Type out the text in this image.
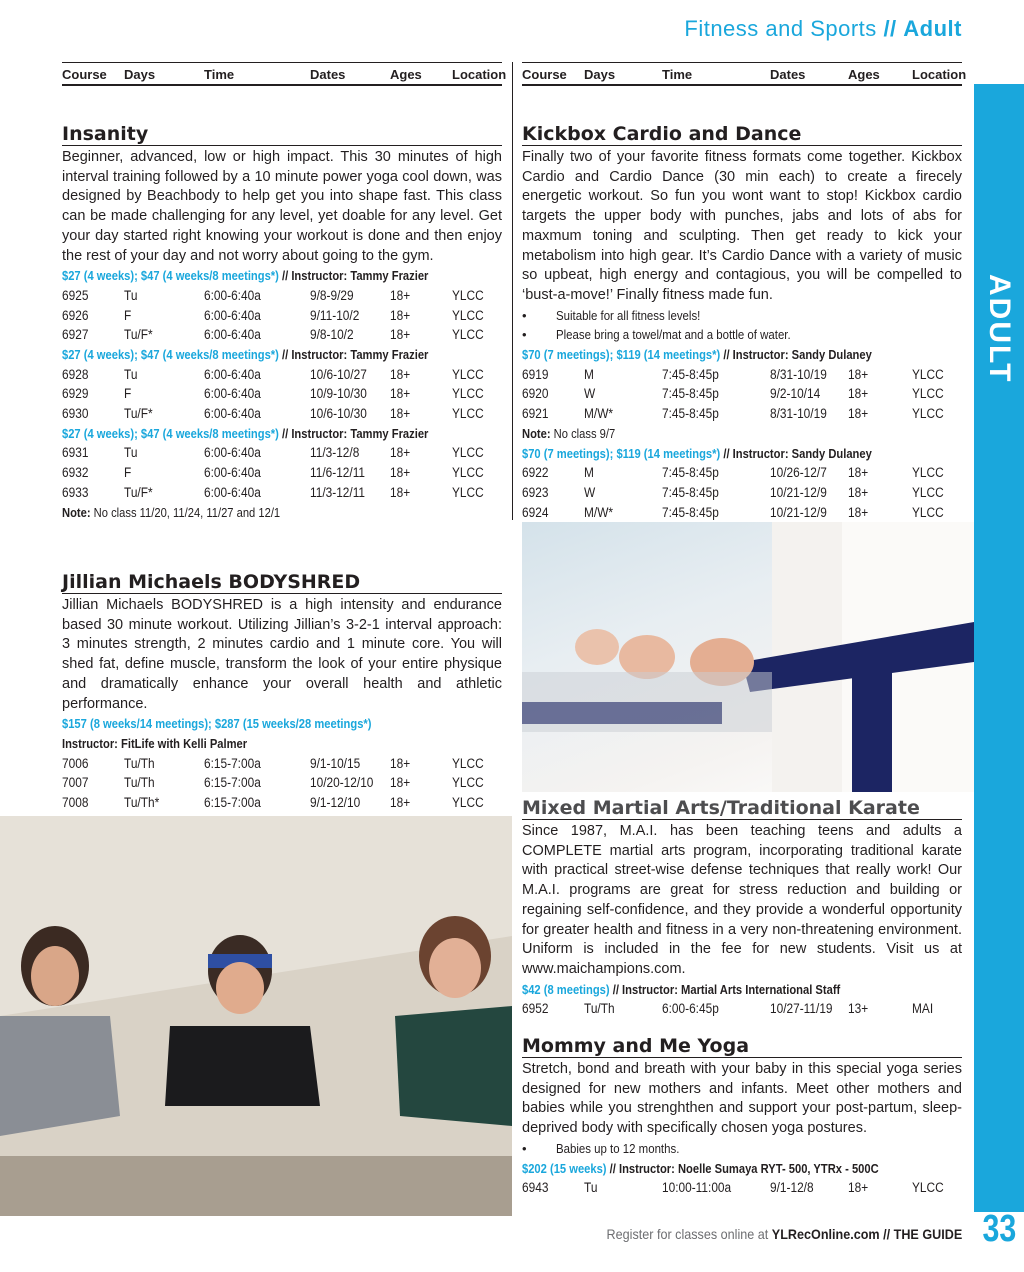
Fitness and Sports // Adult
ADULT
Course Days	Time	Dates	Ages Location Course Days	Time	Dates	Ages Location
Insanity
Beginner, advanced, low or high impact. This 30 minutes of high interval training followed by a 10 minute power yoga cool down, was designed by Beachbody to help get you into shape fast. This class can be made challenging for any level, yet doable for any level. Get your day started right knowing your workout is done and then enjoy the rest of your day and not worry about going to the gym.
$27 (4 weeks); $47 (4 weeks/8 meetings*) // Instructor: Tammy Frazier
6925	Tu	6:00-6:40a	9/8-9/29	18+	YLCC
6926	F	6:00-6:40a	9/11-10/2 18+	YLCC
6927	Tu/F*	6:00-6:40a	9/8-10/2	18+	YLCC
$27 (4 weeks); $47 (4 weeks/8 meetings*) // Instructor: Tammy Frazier
6928	Tu	6:00-6:40a	10/6-10/27 18+	YLCC
6929	F	6:00-6:40a	10/9-10/30 18+	YLCC
6930	Tu/F*	6:00-6:40a	10/6-10/30 18+	YLCC
$27 (4 weeks); $47 (4 weeks/8 meetings*) // Instructor: Tammy Frazier
6931	Tu	6:00-6:40a	11/3-12/8 18+	YLCC
6932	F	6:00-6:40a	11/6-12/11 18+	YLCC
6933	Tu/F*	6:00-6:40a	11/3-12/11 18+	YLCC
Note: No class 11/20, 11/24, 11/27 and 12/1
Jillian Michaels BODYSHRED
Jillian Michaels BODYSHRED is a high intensity and endurance based 30 minute workout. Utilizing Jillian’s 3-2-1 interval approach: 3 minutes strength, 2 minutes cardio and 1 minute core. You will shed fat, define muscle, transform the look of your entire physique and dramatically enhance your overall health and athletic performance.
$157 (8 weeks/14 meetings); $287 (15 weeks/28 meetings*)
Instructor: FitLife with Kelli Palmer
7006	Tu/Th	6:15-7:00a	9/1-10/15 18+	YLCC
7007	Tu/Th	6:15-7:00a	10/20-12/10 18+	YLCC
7008	Tu/Th*	6:15-7:00a	9/1-12/10 18+	YLCC
Kickbox Cardio and Dance
Finally two of your favorite fitness formats come together. Kickbox Cardio and Cardio Dance (30 min each) to create a firecely energetic workout. So fun you wont want to stop! Kickbox cardio targets the upper body with punches, jabs and lots of abs for maxmum toning and sculpting. Then get ready to kick your metabolism into high gear. It’s Cardio Dance with a variety of music so upbeat, high energy and contagious, you will be compelled to ‘bust-a-move!’ Finally fitness made fun.
• Suitable for all fitness levels!
• Please bring a towel/mat and a bottle of water.
$70 (7 meetings); $119 (14 meetings*) // Instructor: Sandy Dulaney
6919	M	7:45-8:45p	8/31-10/19 18+	YLCC
6920	W	7:45-8:45p	9/2-10/14 18+	YLCC
6921	M/W*	7:45-8:45p	8/31-10/19 18+	YLCC
Note: No class 9/7
$70 (7 meetings); $119 (14 meetings*) // Instructor: Sandy Dulaney
6922	M	7:45-8:45p	10/26-12/7 18+	YLCC
6923	W	7:45-8:45p	10/21-12/9 18+	YLCC
6924	M/W*	7:45-8:45p	10/21-12/9 18+	YLCC
Mixed Martial Arts/Traditional Karate
Since 1987, M.A.I. has been teaching teens and adults a COMPLETE martial arts program, incorporating traditional karate with practical street-wise defense techniques that really work! Our M.A.I. programs are great for stress reduction and building or regaining self-confidence, and they provide a wonderful opportunity for greater health and fitness in a very non-threatening environment. Uniform is included in the fee for new students. Visit us at www.maichampions.com.
$42 (8 meetings) // Instructor: Martial Arts International Staff
6952	Tu/Th	6:00-6:45p	10/27-11/19 13+	MAI
Mommy and Me Yoga
Stretch, bond and breath with your baby in this special yoga series designed for new mothers and infants. Meet other mothers and babies while you strenghthen and support your post-partum, sleep-deprived body with specifically chosen yoga postures.
• Babies up to 12 months.
$202 (15 weeks) // Instructor: Noelle Sumaya RYT- 500, YTRx - 500C
6943	Tu	10:00-11:00a	9/1-12/8	18+	YLCC
Register for classes online at YLRecOnline.com // THE GUIDE 33
